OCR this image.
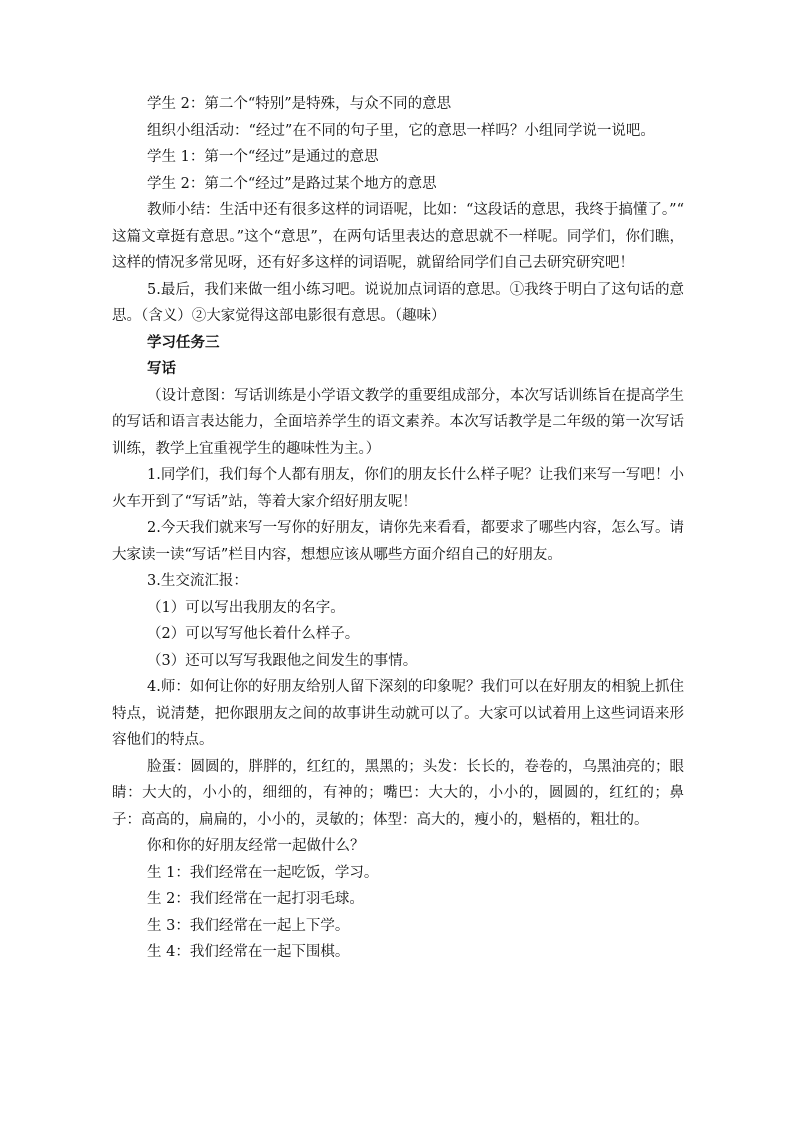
学生 2：第二个“特别”是特殊，与众不同的意思

组织小组活动：“经过”在不同的句子里，它的意思一样吗？小组同学说一说吧。

学生 1：第一个“经过”是通过的意思

学生 2：第二个“经过”是路过某个地方的意思

教师小结：生活中还有很多这样的词语呢，比如：“这段话的意思，我终于搞懂了。”“ 这篇文章挺有意思。”这个“意思”，在两句话里表达的意思就不一样呢。同学们，你们瞧，这样的情况多常见呀，还有好多这样的词语呢，就留给同学们自己去研究研究吧！

5.最后，我们来做一组小练习吧。说说加点词语的意思。①我终于明白了这句话的意思。（含义）②大家觉得这部电影很有意思。（趣味）

学习任务三

写话

（设计意图：写话训练是小学语文教学的重要组成部分，本次写话训练旨在提高学生的写话和语言表达能力，全面培养学生的语文素养。本次写话教学是二年级的第一次写话训练，教学上宜重视学生的趣味性为主。）

1.同学们，我们每个人都有朋友，你们的朋友长什么样子呢？让我们来写一写吧！小火车开到了“写话”站，等着大家介绍好朋友呢！

2.今天我们就来写一写你的好朋友，请你先来看看，都要求了哪些内容，怎么写。请大家读一读“写话”栏目内容，想想应该从哪些方面介绍自己的好朋友。

3.生交流汇报：

（1）可以写出我朋友的名字。

（2）可以写写他长着什么样子。

（3）还可以写写我跟他之间发生的事情。

4.师：如何让你的好朋友给别人留下深刻的印象呢？我们可以在好朋友的相貌上抓住特点，说清楚，把你跟朋友之间的故事讲生动就可以了。大家可以试着用上这些词语来形容他们的特点。

脸蛋：圆圆的，胖胖的，红红的，黑黑的；头发：长长的，卷卷的，乌黑油亮的；眼睛：大大的，小小的，细细的，有神的；嘴巴：大大的，小小的，圆圆的，红红的；鼻子：高高的，扁扁的，小小的，灵敏的；体型：高大的，瘦小的，魁梧的，粗壮的。

你和你的好朋友经常一起做什么？

生 1：我们经常在一起吃饭，学习。

生 2：我们经常在一起打羽毛球。

生 3：我们经常在一起上下学。

生 4：我们经常在一起下围棋。
